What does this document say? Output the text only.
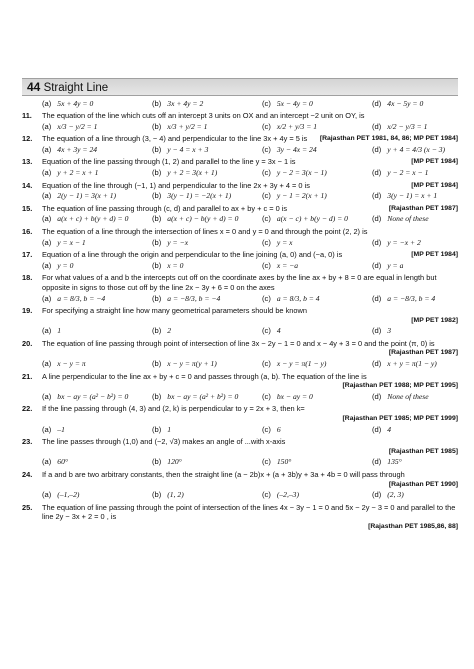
44 Straight Line
(a) 5x + 4y = 0	(b) 3x + 4y = 2	(c) 5x − 4y = 0	(d) 4x − 5y = 0
11. The equation of the line which cuts off an intercept 3 units on OX and an intercept −2 unit on OY, is
(a) x/3 − y/2 = 1	(b) x/3 + y/2 = 1	(c) x/2 + y/3 = 1	(d) x/2 − y/3 = 1
12.	[Rajasthan PET 1981, 84, 86; MP PET 1984]
The equation of a line through (3, − 4) and perpendicular to the line 3x + 4y = 5 is
(a) 4x + 3y = 24	(b) y − 4 = x + 3	(c) 3y − 4x = 24	(d) y + 4 = 4/3 (x − 3)
13.	[MP PET 1984]
Equation of the line passing through (1, 2) and parallel to the line y = 3x − 1 is
(a) y + 2 = x + 1	(b) y + 2 = 3(x + 1)	(c) y − 2 = 3(x − 1)	(d) y − 2 = x − 1
14.	[MP PET 1984]
Equation of the line through (−1, 1) and perpendicular to the line 2x + 3y + 4 = 0 is
(a) 2(y − 1) = 3(x + 1)	(b) 3(y − 1) = −2(x + 1)	(c) y − 1 = 2(x + 1)	(d) 3(y − 1) = x + 1
15.	[Rajasthan PET 1987]
The equation of line passing through (c, d) and parallel to ax + by + c = 0 is
(a) a(x + c) + b(y + d) = 0	(b) a(x + c) − b(y + d) = 0	(c) a(x − c) + b(y − d) = 0	(d) None of these
16. The equation of a line through the intersection of lines x = 0 and y = 0 and through the point (2, 2) is
(a) y = x − 1	(b) y = −x	(c) y = x	(d) y = −x + 2
17.	[MP PET 1984]
Equation of a line through the origin and perpendicular to the line joining (a, 0) and (−a, 0) is
(a) y = 0	(b) x = 0	(c) x = −a	(d) y = a
18. For what values of a and b the intercepts cut off on the coordinate axes by the line ax + by + 8 = 0 are equal in length but opposite in signs to those cut off by the line 2x − 3y + 6 = 0 on the axes
(a) a = 8/3, b = −4	(b) a = −8/3, b = −4	(c) a = 8/3, b = 4	(d) a = −8/3, b = 4
19. For specifying a straight line how many geometrical parameters should be known
[MP PET 1982]
(a) 1	(b) 2	(c) 4	(d) 3
20. The equation of line passing through point of intersection of line 3x − 2y − 1 = 0 and x − 4y + 3 = 0 and the point (π, 0) is
[Rajasthan PET 1987]
(a) x − y = π	(b) x − y = π(y + 1)	(c) x − y = π(1 − y)	(d) x + y = π(1 − y)
21. A line perpendicular to the line ax + by + c = 0 and passes through (a, b). The equation of the line is
[Rajasthan PET 1988; MP PET 1995]
(a) bx − ay = (a² − b²) = 0	(b) bx − ay = (a² + b²) = 0	(c) bx − ay = 0	(d) None of these
22. If the line passing through (4, 3) and (2, k) is perpendicular to y = 2x + 3, then k=
[Rajasthan PET 1985; MP PET 1999]
(a) –1	(b) 1	(c) 6	(d) 4
23. The line passes through (1,0) and (−2, √3) makes an angle of ...with x-axis
[Rajasthan PET 1985]
(a) 60°	(b) 120°	(c) 150°	(d) 135°
24. If a and b are two arbitrary constants, then the straight line (a − 2b)x + (a + 3b)y + 3a + 4b = 0 will pass through
[Rajasthan PET 1990]
(a) (–1,–2)	(b) (1, 2)	(c) (–2,–3)	(d) (2, 3)
25. The equation of line passing through the point of intersection of the lines 4x − 3y − 1 = 0 and 5x − 2y − 3 = 0 and parallel to the line 2y − 3x + 2 = 0 , is
[Rajasthan PET 1985,86, 88]
